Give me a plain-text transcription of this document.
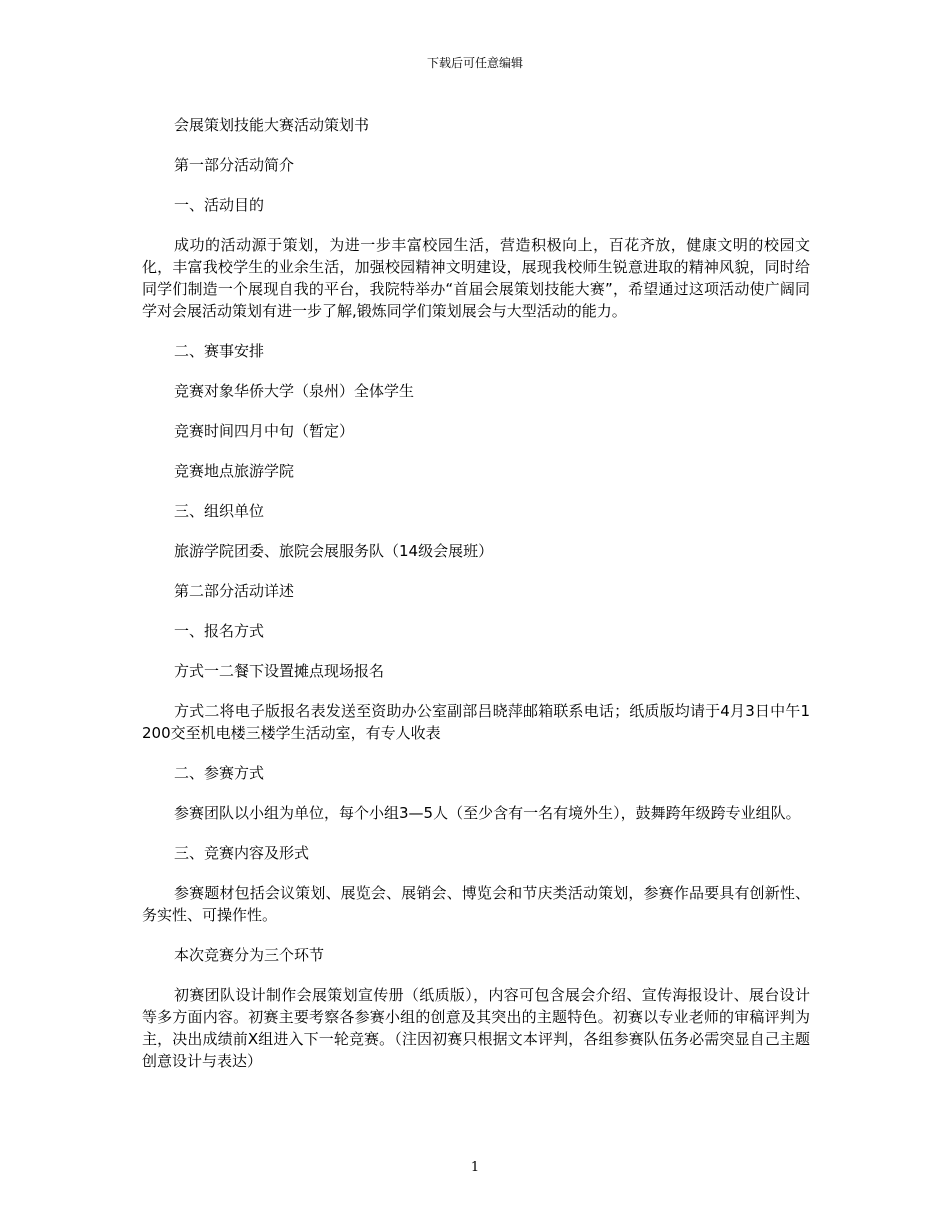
下载后可任意编辑

会展策划技能大赛活动策划书

第一部分活动简介

一、活动目的

成功的活动源于策划，为进一步丰富校园生活，营造积极向上，百花齐放，健康文明的校园文化，丰富我校学生的业余生活，加强校园精神文明建设，展现我校师生锐意进取的精神风貌，同时给同学们制造一个展现自我的平台，我院特举办“首届会展策划技能大赛”，希望通过这项活动使广阔同学对会展活动策划有进一步了解,锻炼同学们策划展会与大型活动的能力。

二、赛事安排

竞赛对象华侨大学（泉州）全体学生

竞赛时间四月中旬（暂定）

竞赛地点旅游学院

三、组织单位

旅游学院团委、旅院会展服务队（14级会展班）

第二部分活动详述

一、报名方式

方式一二餐下设置摊点现场报名

方式二将电子版报名表发送至资助办公室副部吕晓萍邮箱联系电话；纸质版均请于4月3日中午1200交至机电楼三楼学生活动室，有专人收表

二、参赛方式

参赛团队以小组为单位，每个小组3—5人（至少含有一名有境外生），鼓舞跨年级跨专业组队。

三、竞赛内容及形式

参赛题材包括会议策划、展览会、展销会、博览会和节庆类活动策划，参赛作品要具有创新性、务实性、可操作性。

本次竞赛分为三个环节

初赛团队设计制作会展策划宣传册（纸质版），内容可包含展会介绍、宣传海报设计、展台设计等多方面内容。初赛主要考察各参赛小组的创意及其突出的主题特色。初赛以专业老师的审稿评判为主，决出成绩前X组进入下一轮竞赛。（注因初赛只根据文本评判，各组参赛队伍务必需突显自己主题创意设计与表达）

1
